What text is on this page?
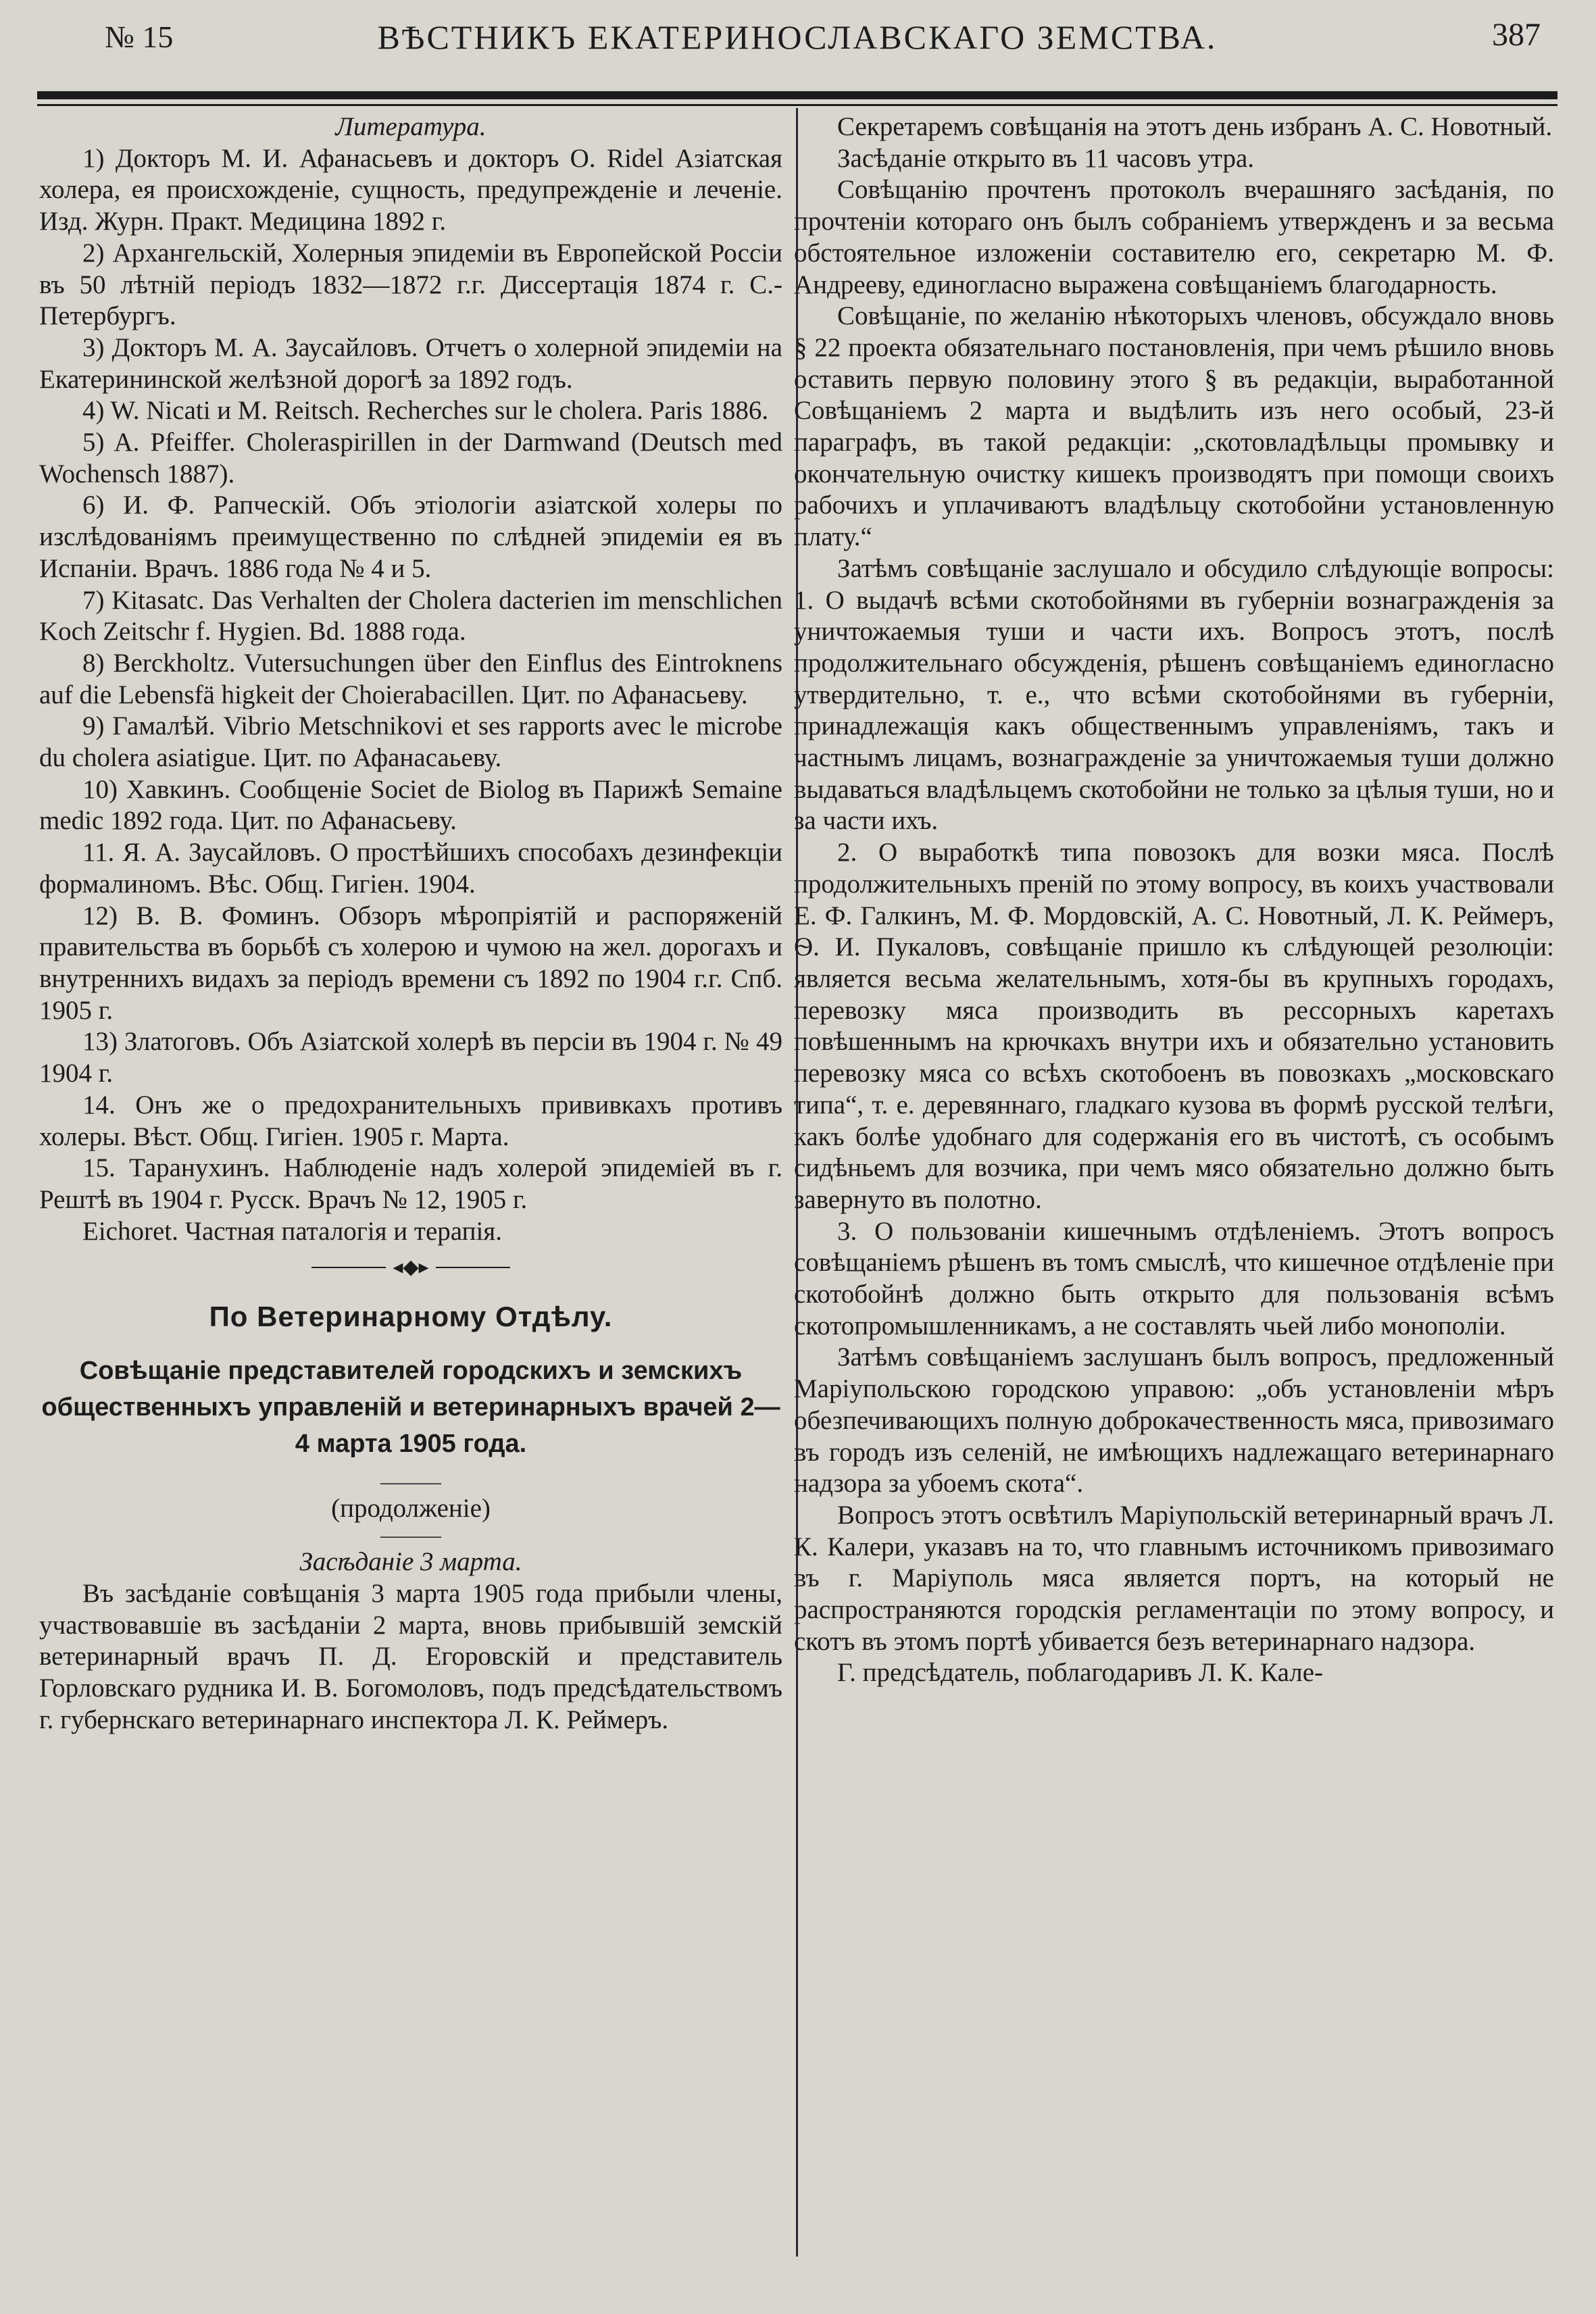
№ 15	ВѢСТНИКЪ ЕКАТЕРИНОСЛАВСКАГО ЗЕМСТВА.	387

Литература.

1) Докторъ М. И. Афанасьевъ и докторъ О. Ridel Азіатская холера, ея происхожденіе, сущность, предупрежденіе и леченіе. Изд. Журн. Практ. Медицина 1892 г.

2) Архангельскій, Холерныя эпидеміи въ Европейской Россіи въ 50 лѣтній періодъ 1832—1872 г.г. Диссертація 1874 г. С.-Петербургъ.

3) Докторъ М. А. Заусайловъ. Отчетъ о холерной эпидеміи на Екатерининской желѣзной дорогѣ за 1892 годъ.

4) W. Nicati и M. Reitsch. Recherches sur le cholera. Paris 1886.

5) A. Pfeiffer. Choleraspirillen in der Darmwand (Deutsch med Wochensch 1887).

6) И. Ф. Рапческій. Объ этіологіи азіатской холеры по изслѣдованіямъ преимущественно по слѣдней эпидеміи ея въ Испаніи. Врачъ. 1886 года № 4 и 5.

7) Kitasatc. Das Verhalten der Cholera dacterien im menschlichen Koch Zeitschr f. Hygien. Bd. 1888 года.

8) Berckholtz. Vutersuchungen über den Einflus des Eintroknens auf die Lebensfä higkeit der Choierabacillen. Цит. по Афанасьеву.

9) Гамалѣй. Vibrio Metschnikovi et ses rapports avec le microbe du cholera asiatigue. Цит. по Афанасаьеву.

10) Хавкинъ. Сообщеніе Societ de Biolog въ Парижѣ Semaine medic 1892 года. Цит. по Афанасьеву.

11. Я. А. Заусайловъ. О простѣйшихъ способахъ дезинфекціи формалиномъ. Вѣс. Общ. Гигіен. 1904.

12) В. В. Фоминъ. Обзоръ мѣропріятій и распоряженій правительства въ борьбѣ съ холерою и чумою на жел. дорогахъ и внутреннихъ видахъ за періодъ времени съ 1892 по 1904 г.г. Спб. 1905 г.

13) Златоговъ. Объ Азіатской холерѣ въ персіи въ 1904 г. № 49 1904 г.

14. Онъ же о предохранительныхъ прививкахъ противъ холеры. Вѣст. Общ. Гигіен. 1905 г. Марта.

15. Таранухинъ. Наблюденіе надъ холерой эпидеміей въ г. Рештѣ въ 1904 г. Русск. Врачъ № 12, 1905 г.

Eichoret. Частная паталогія и терапія.

◂◆▸
По Ветеринарному Отдѣлу.
Совѣщаніе представителей городскихъ и земскихъ общественныхъ управленій и ветеринарныхъ врачей 2—4 марта 1905 года.
———

(продолженіе)

———

Засѣданіе 3 марта.

Въ засѣданіе совѣщанія 3 марта 1905 года прибыли члены, участвовавшіе въ засѣданіи 2 марта, вновь прибывшій земскій ветеринарный врачъ П. Д. Егоровскій и представитель Горловскаго рудника И. В. Богомоловъ, подъ предсѣдательствомъ г. губернскаго ветеринарнаго инспектора Л. К. Реймеръ.

Секретаремъ совѣщанія на этотъ день избранъ А. С. Новотный.

Засѣданіе открыто въ 11 часовъ утра.

Совѣщанію прочтенъ протоколъ вчерашняго засѣданія, по прочтеніи котораго онъ былъ собраніемъ утвержденъ и за весьма обстоятельное изложеніи составителю его, секретарю М. Ф. Андрееву, единогласно выражена совѣщаніемъ благодарность.

Совѣщаніе, по желанію нѣкоторыхъ членовъ, обсуждало вновь § 22 проекта обязательнаго постановленія, при чемъ рѣшило вновь оставить первую половину этого § въ редакціи, выработанной Совѣщаніемъ 2 марта и выдѣлить изъ него особый, 23-й параграфъ, въ такой редакціи: „скотовладѣльцы промывку и окончательную очистку кишекъ производятъ при помощи своихъ рабочихъ и уплачиваютъ владѣльцу скотобойни установленную плату.“

Затѣмъ совѣщаніе заслушало и обсудило слѣдующіе вопросы: 1. О выдачѣ всѣми скотобойнями въ губерніи вознагражденія за уничтожаемыя туши и части ихъ. Вопросъ этотъ, послѣ продолжительнаго обсужденія, рѣшенъ совѣщаніемъ единогласно утвердительно, т. е., что всѣми скотобойнями въ губерніи, принадлежащія какъ общественнымъ управленіямъ, такъ и частнымъ лицамъ, вознагражденіе за уничтожаемыя туши должно выдаваться владѣльцемъ скотобойни не только за цѣлыя туши, но и за части ихъ.

2. О выработкѣ типа повозокъ для возки мяса. Послѣ продолжительныхъ преній по этому вопросу, въ коихъ участвовали Е. Ф. Галкинъ, М. Ф. Мордовскій, А. С. Новотный, Л. К. Реймеръ, Ѳ. И. Пукаловъ, совѣщаніе пришло къ слѣдующей резолюціи: является весьма желательнымъ, хотя-бы въ крупныхъ городахъ, перевозку мяса производить въ рессорныхъ каретахъ повѣшеннымъ на крючкахъ внутри ихъ и обязательно установить перевозку мяса со всѣхъ скотобоенъ въ повозкахъ „московскаго типа“, т. е. деревяннаго, гладкаго кузова въ формѣ русской телѣги, какъ болѣе удобнаго для содержанія его въ чистотѣ, съ особымъ сидѣньемъ для возчика, при чемъ мясо обязательно должно быть завернуто въ полотно.

3. О пользованіи кишечнымъ отдѣленіемъ. Этотъ вопросъ совѣщаніемъ рѣшенъ въ томъ смыслѣ, что кишечное отдѣленіе при скотобойнѣ должно быть открыто для пользованія всѣмъ скотопромышленникамъ, а не составлять чьей либо монополіи.

Затѣмъ совѣщаніемъ заслушанъ былъ вопросъ, предложенный Маріупольскою городскою управою: „объ установленіи мѣръ обезпечивающихъ полную доброкачественность мяса, привозимаго въ городъ изъ селеній, не имѣющихъ надлежащаго ветеринарнаго надзора за убоемъ скота“.

Вопросъ этотъ освѣтилъ Маріупольскій ветеринарный врачъ Л. К. Калери, указавъ на то, что главнымъ источникомъ привозимаго въ г. Маріуполь мяса является портъ, на который не распространяются городскія регламентаціи по этому вопросу, и скотъ въ этомъ портѣ убивается безъ ветеринарнаго надзора.

Г. предсѣдатель, поблагодаривъ Л. К. Кале-
